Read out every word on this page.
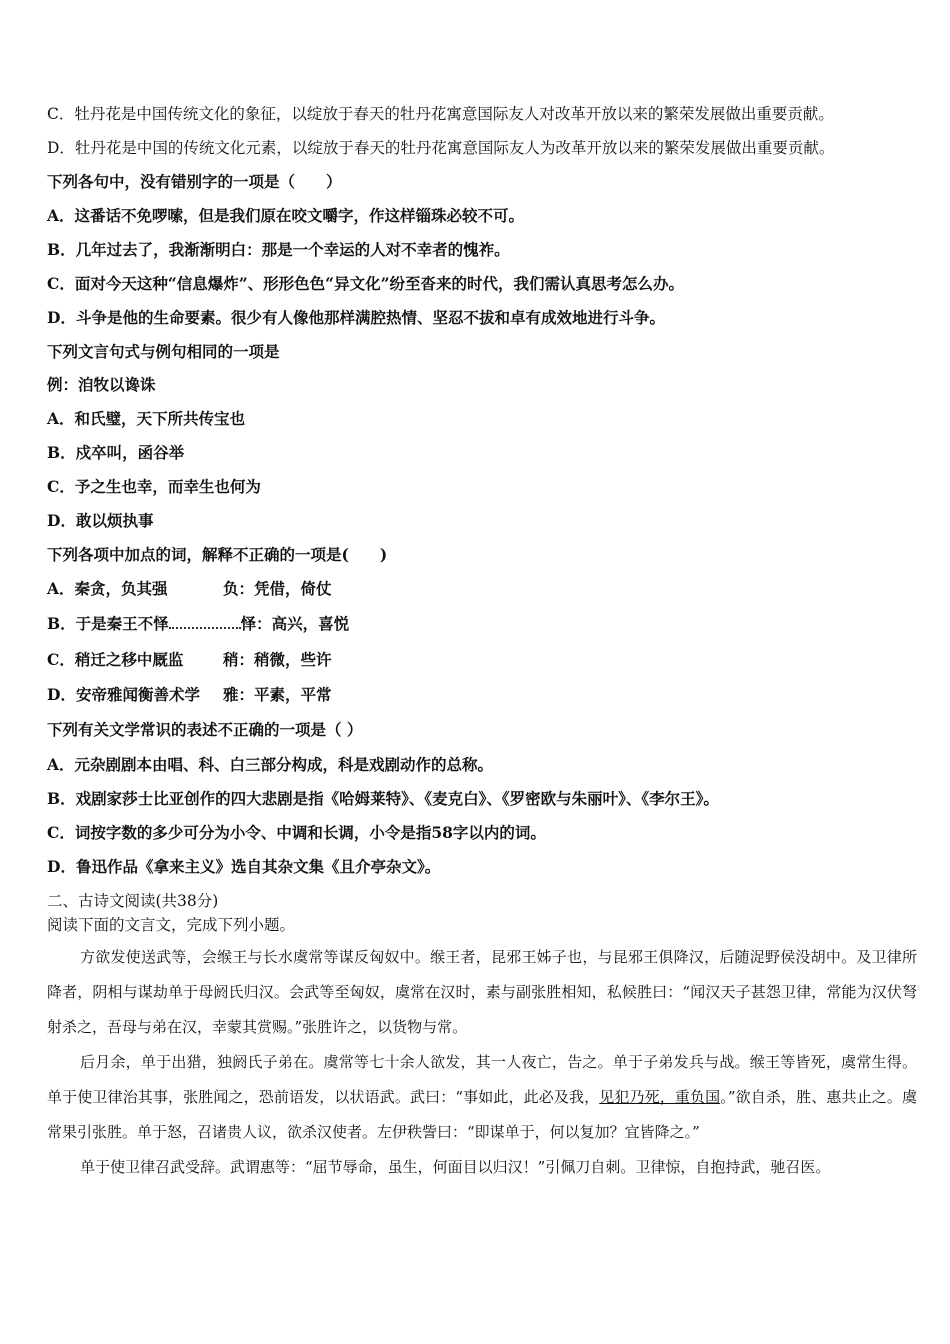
C．牡丹花是中国传统文化的象征，以绽放于春天的牡丹花寓意国际友人对改革开放以来的繁荣发展做出重要贡献。
D．牡丹花是中国的传统文化元素，以绽放于春天的牡丹花寓意国际友人为改革开放以来的繁荣发展做出重要贡献。
下列各句中，没有错别字的一项是（　　）
A．这番话不免啰嗦，但是我们原在咬文嚼字，作这样锱珠必较不可。
B．几年过去了，我渐渐明白：那是一个幸运的人对不幸者的愧祚。
C．面对今天这种“信息爆炸”、形形色色“异文化”纷至沓来的时代，我们需认真思考怎么办。
D．斗争是他的生命要素。很少有人像他那样满腔热情、坚忍不拔和卓有成效地进行斗争。
下列文言句式与例句相同的一项是
例：洎牧以谗诛
A．和氏璧，天下所共传宝也
B．戍卒叫，函谷举
C．予之生也幸，而幸生也何为
D．敢以烦执事
下列各项中加点的词，解释不正确的一项是(　　)
A．秦贪，负其强	负：凭借，倚仗
B．于是秦王不怿	怿：高兴，喜悦
C．稍迁之移中厩监	稍：稍微，些许
D．安帝雅闻衡善术学 雅：平素，平常
下列有关文学常识的表述不正确的一项是（ ）
A．元杂剧剧本由唱、科、白三部分构成，科是戏剧动作的总称。
B．戏剧家莎士比亚创作的四大悲剧是指《哈姆莱特》、《麦克白》、《罗密欧与朱丽叶》、《李尔王》。
C．词按字数的多少可分为小令、中调和长调，小令是指58字以内的词。
D．鲁迅作品《拿来主义》选自其杂文集《且介亭杂文》。
二、古诗文阅读(共38分)
阅读下面的文言文，完成下列小题。

方欲发使送武等，会缑王与长水虞常等谋反匈奴中。缑王者，昆邪王姊子也，与昆邪王俱降汉，后随浞野侯没胡中。及卫律所降者，阴相与谋劫单于母阏氏归汉。会武等至匈奴，虞常在汉时，素与副张胜相知，私候胜曰：“闻汉天子甚怨卫律，常能为汉伏弩射杀之，吾母与弟在汉，幸蒙其赏赐。”张胜许之，以货物与常。

后月余，单于出猎，独阏氏子弟在。虞常等七十余人欲发，其一人夜亡，告之。单于子弟发兵与战。缑王等皆死，虞常生得。单于使卫律治其事，张胜闻之，恐前语发，以状语武。武曰：“事如此，此必及我，见犯乃死，重负国。”欲自杀，胜、惠共止之。虞常果引张胜。单于怒，召诸贵人议，欲杀汉使者。左伊秩訾曰：“即谋单于，何以复加？宜皆降之。”

单于使卫律召武受辞。武谓惠等：“屈节辱命，虽生，何面目以归汉！”引佩刀自刺。卫律惊，自抱持武，驰召医。
